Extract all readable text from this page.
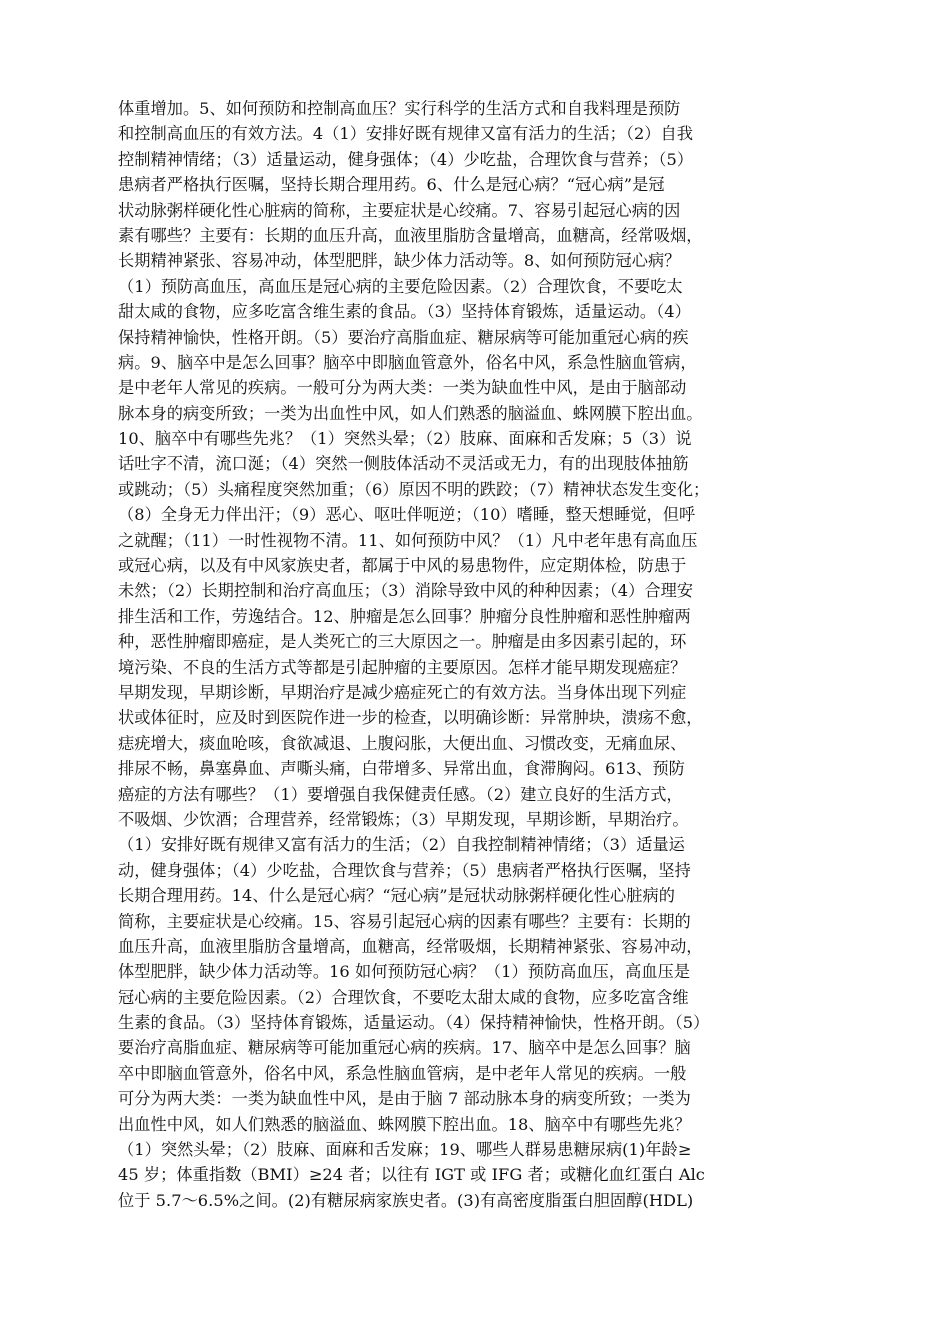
体重增加。5、如何预防和控制高血压？实行科学的生活方式和自我料理是预防
和控制高血压的有效方法。4（1）安排好既有规律又富有活力的生活；（2）自我
控制精神情绪；（3）适量运动，健身强体；（4）少吃盐，合理饮食与营养；（5）
患病者严格执行医嘱，坚持长期合理用药。6、什么是冠心病？“冠心病”是冠
状动脉粥样硬化性心脏病的简称，主要症状是心绞痛。7、容易引起冠心病的因
素有哪些？主要有：长期的血压升高，血液里脂肪含量增高，血糖高，经常吸烟，
长期精神紧张、容易冲动，体型肥胖，缺少体力活动等。8、如何预防冠心病？
（1）预防高血压，高血压是冠心病的主要危险因素。（2）合理饮食，不要吃太
甜太咸的食物，应多吃富含维生素的食品。（3）坚持体育锻炼，适量运动。（4）
保持精神愉快，性格开朗。（5）要治疗高脂血症、糖尿病等可能加重冠心病的疾
病。9、脑卒中是怎么回事？脑卒中即脑血管意外，俗名中风，系急性脑血管病，
是中老年人常见的疾病。一般可分为两大类：一类为缺血性中风，是由于脑部动
脉本身的病变所致；一类为出血性中风，如人们熟悉的脑溢血、蛛网膜下腔出血。
10、脑卒中有哪些先兆？（1）突然头晕；（2）肢麻、面麻和舌发麻；5（3）说
话吐字不清，流口涎；（4）突然一侧肢体活动不灵活或无力，有的出现肢体抽筋
或跳动；（5）头痛程度突然加重；（6）原因不明的跌跤；（7）精神状态发生变化；
（8）全身无力伴出汗；（9）恶心、呕吐伴呃逆；（10）嗜睡，整天想睡觉，但呼
之就醒；（11）一时性视物不清。11、如何预防中风？（1）凡中老年患有高血压
或冠心病，以及有中风家族史者，都属于中风的易患物件，应定期体检，防患于
未然；（2）长期控制和治疗高血压；（3）消除导致中风的种种因素；（4）合理安
排生活和工作，劳逸结合。12、肿瘤是怎么回事？肿瘤分良性肿瘤和恶性肿瘤两
种，恶性肿瘤即癌症，是人类死亡的三大原因之一。肿瘤是由多因素引起的，环
境污染、不良的生活方式等都是引起肿瘤的主要原因。怎样才能早期发现癌症？
早期发现，早期诊断，早期治疗是减少癌症死亡的有效方法。当身体出现下列症
状或体征时，应及时到医院作进一步的检查，以明确诊断：异常肿块，溃疡不愈，
痣疣增大，痰血呛咳，食欲减退、上腹闷胀，大便出血、习惯改变，无痛血尿、
排尿不畅，鼻塞鼻血、声嘶头痛，白带增多、异常出血，食滞胸闷。613、预防
癌症的方法有哪些？（1）要增强自我保健责任感。（2）建立良好的生活方式，
不吸烟、少饮酒；合理营养，经常锻炼；（3）早期发现，早期诊断，早期治疗。
（1）安排好既有规律又富有活力的生活；（2）自我控制精神情绪；（3）适量运
动，健身强体；（4）少吃盐，合理饮食与营养；（5）患病者严格执行医嘱，坚持
长期合理用药。14、什么是冠心病？“冠心病”是冠状动脉粥样硬化性心脏病的
简称，主要症状是心绞痛。15、容易引起冠心病的因素有哪些？主要有：长期的
血压升高，血液里脂肪含量增高，血糖高，经常吸烟，长期精神紧张、容易冲动，
体型肥胖，缺少体力活动等。16 如何预防冠心病？（1）预防高血压，高血压是
冠心病的主要危险因素。（2）合理饮食，不要吃太甜太咸的食物，应多吃富含维
生素的食品。（3）坚持体育锻炼，适量运动。（4）保持精神愉快，性格开朗。（5）
要治疗高脂血症、糖尿病等可能加重冠心病的疾病。17、脑卒中是怎么回事？脑
卒中即脑血管意外，俗名中风，系急性脑血管病，是中老年人常见的疾病。一般
可分为两大类：一类为缺血性中风，是由于脑 7 部动脉本身的病变所致；一类为
出血性中风，如人们熟悉的脑溢血、蛛网膜下腔出血。18、脑卒中有哪些先兆？
（1）突然头晕；（2）肢麻、面麻和舌发麻；19、哪些人群易患糖尿病(1)年龄≥
45 岁；体重指数（BMI）≥24 者；以往有 IGT 或 IFG 者；或糖化血红蛋白 Alc
位于 5.7～6.5%之间。(2)有糖尿病家族史者。(3)有高密度脂蛋白胆固醇(HDL)
